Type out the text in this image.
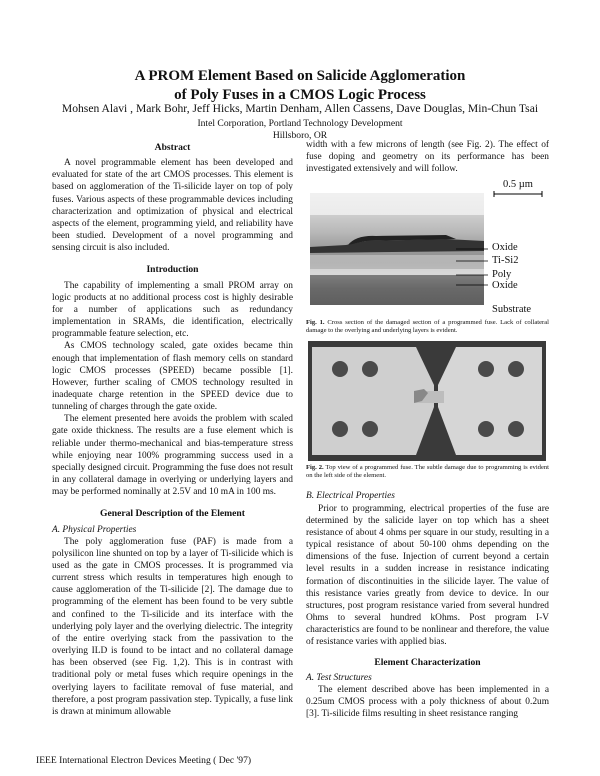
A PROM Element Based on Salicide Agglomeration
of Poly Fuses in a CMOS Logic Process
Mohsen Alavi , Mark Bohr, Jeff Hicks, Martin Denham, Allen Cassens, Dave Douglas, Min-Chun Tsai
Intel Corporation, Portland Technology Development
Hillsboro, OR
Abstract

A novel programmable element has been developed and evaluated for state of the art CMOS processes. This element is based on agglomeration of the Ti-silicide layer on top of poly fuses. Various aspects of these programmable devices including characterization and optimization of physical and electrical aspects of the element, programming yield, and reliability have been studied. Development of a novel programming and sensing circuit is also included.

Introduction

The capability of implementing a small PROM array on logic products at no additional process cost is highly desirable for a number of applications such as redundancy implementation in SRAMs, die identification, electrically programmable feature selection, etc.

As CMOS technology scaled, gate oxides became thin enough that implementation of flash memory cells on standard logic CMOS processes (SPEED) became possible [1]. However, further scaling of CMOS technology resulted in inadequate charge retention in the SPEED device due to tunneling of charges through the gate oxide.

The element presented here avoids the problem with scaled gate oxide thickness. The results are a fuse element which is reliable under thermo-mechanical and bias-temperature stress while enjoying near 100% programming success used in a specially designed circuit. Programming the fuse does not result in any collateral damage in overlying or underlying layers and may be performed nominally at 2.5V and 10 mA in 100 ms.

General Description of the Element
A. Physical Properties

The poly agglomeration fuse (PAF) is made from a polysilicon line shunted on top by a layer of Ti-silicide which is used as the gate in CMOS processes. It is programmed via current stress which results in temperatures high enough to cause agglomeration of the Ti-silicide [2]. The damage due to programming of the element has been found to be very subtle and confined to the Ti-silicide and its interface with the underlying poly layer and the overlying dielectric. The integrity of the entire overlying stack from the passivation to the overlying ILD is found to be intact and no collateral damage has been observed (see Fig. 1,2). This is in contrast with traditional poly or metal fuses which require openings in the overlying layers to facilitate removal of fuse material, and therefore, a post program passivation step. Typically, a fuse link is drawn at minimum allowable

width with a few microns of length (see Fig. 2). The effect of fuse doping and geometry on its performance has been investigated extensively and will follow.

0.5 µm
Oxide
Ti-Si2
Poly
Oxide
Substrate

Fig. 1. Cross section of the damaged section of a programmed fuse. Lack of collateral damage to the overlying and underlying layers is evident.

Fig. 2. Top view of a programmed fuse. The subtle damage due to programming is evident on the left side of the element.

B. Electrical Properties

Prior to programming, electrical properties of the fuse are determined by the salicide layer on top which has a sheet resistance of about 4 ohms per square in our study, resulting in a typical resistance of about 50-100 ohms depending on the dimensions of the fuse. Injection of current beyond a certain level results in a sudden increase in resistance indicating formation of discontinuities in the silicide layer. The value of this resistance varies greatly from device to device. In our structures, post program resistance varied from several hundred Ohms to several hundred kOhms. Post program I-V characteristics are found to be nonlinear and therefore, the value of resistance varies with applied bias.

Element Characterization
A. Test Structures

The element described above has been implemented in a 0.25um CMOS process with a poly thickness of about 0.2um [3]. Ti-silicide films resulting in sheet resistance ranging

IEEE International Electron Devices Meeting ( Dec '97)
